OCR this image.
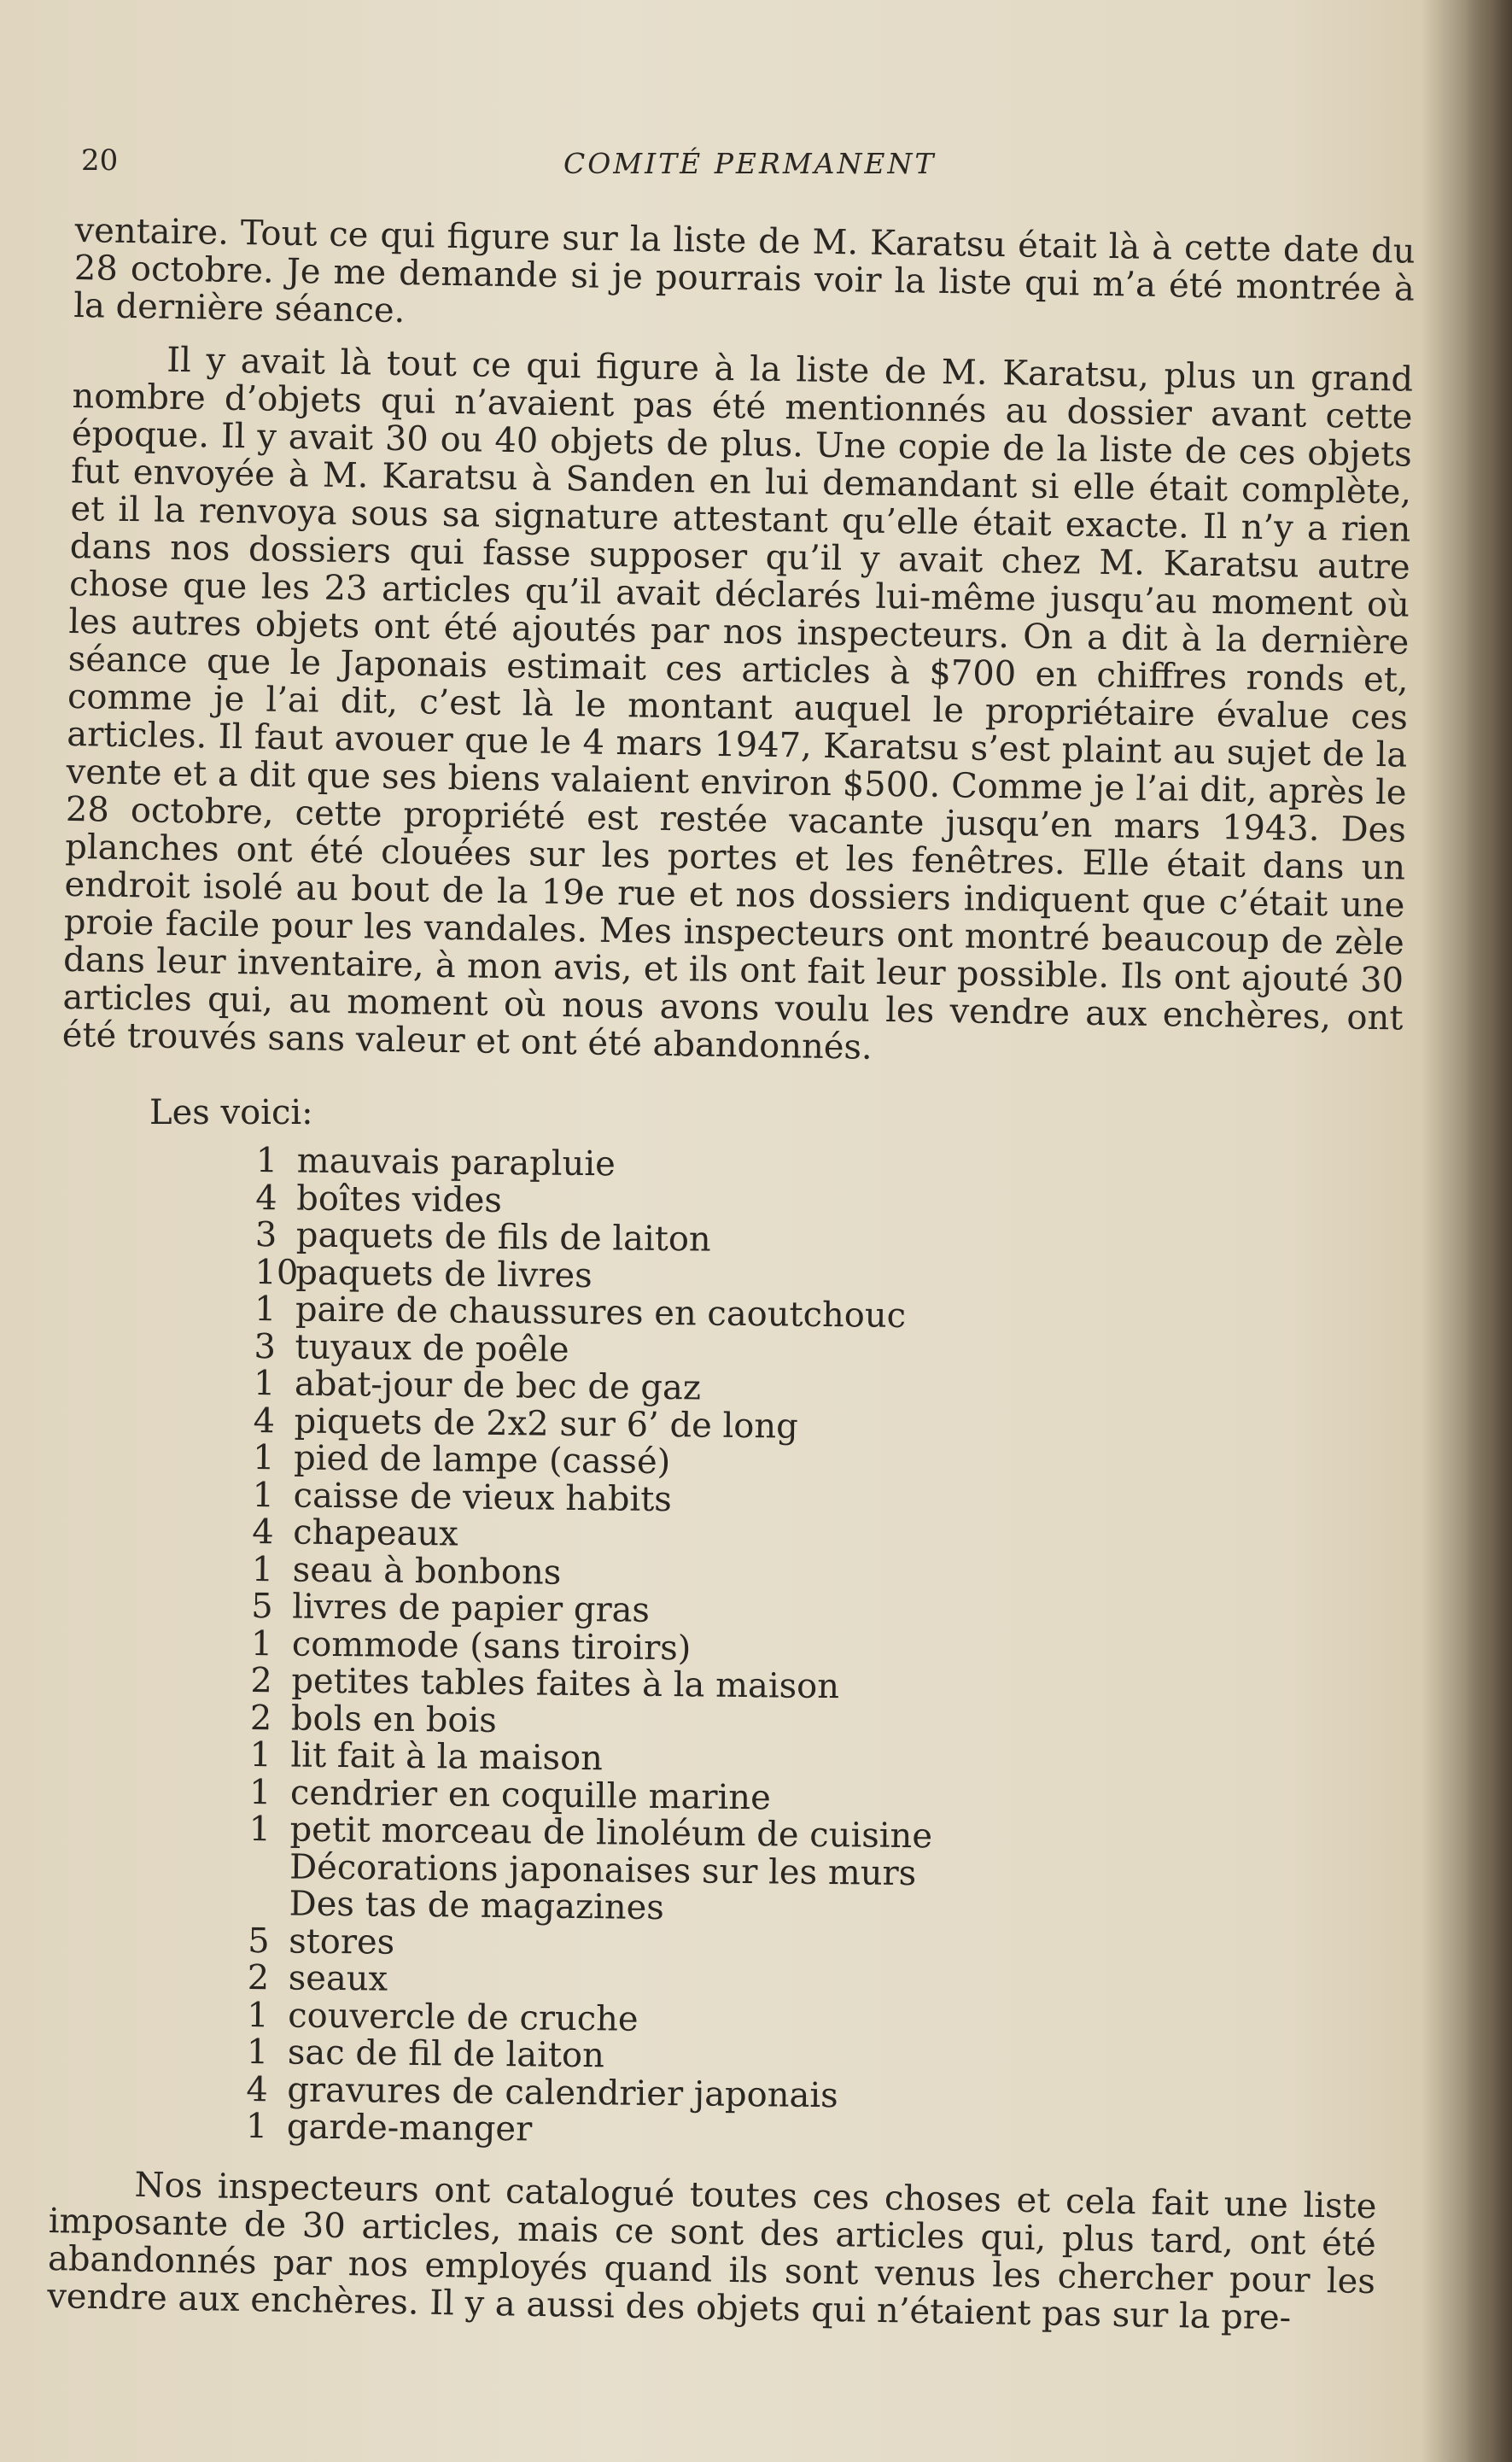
20	COMITÉ PERMANENT

ventaire. Tout ce qui figure sur la liste de M. Karatsu était là à cette date du 28 octobre. Je me demande si je pourrais voir la liste qui m’a été montrée à la dernière séance.

Il y avait là tout ce qui figure à la liste de M. Karatsu, plus un grand nombre d’objets qui n’avaient pas été mentionnés au dossier avant cette époque. Il y avait 30 ou 40 objets de plus. Une copie de la liste de ces objets fut envoyée à M. Karatsu à Sanden en lui demandant si elle était complète, et il la renvoya sous sa signature attestant qu’elle était exacte. Il n’y a rien dans nos dossiers qui fasse supposer qu’il y avait chez M. Karatsu autre chose que les 23 articles qu’il avait déclarés lui-même jusqu’au moment où les autres objets ont été ajoutés par nos inspecteurs. On a dit à la dernière séance que le Japonais estimait ces articles à $700 en chiffres ronds et, comme je l’ai dit, c’est là le montant auquel le propriétaire évalue ces articles. Il faut avouer que le 4 mars 1947, Karatsu s’est plaint au sujet de la vente et a dit que ses biens valaient environ $500. Comme je l’ai dit, après le 28 octobre, cette propriété est restée vacante jusqu’en mars 1943. Des planches ont été clouées sur les portes et les fenêtres. Elle était dans un endroit isolé au bout de la 19e rue et nos dossiers indiquent que c’était une proie facile pour les vandales. Mes inspecteurs ont montré beaucoup de zèle dans leur inventaire, à mon avis, et ils ont fait leur possible. Ils ont ajouté 30 articles qui, au moment où nous avons voulu les vendre aux enchères, ont été trouvés sans valeur et ont été abandonnés.

Les voici:
1 mauvais parapluie
4 boîtes vides
3 paquets de fils de laiton
10paquets de livres
1 paire de chaussures en caoutchouc
3 tuyaux de poêle
1 abat-jour de bec de gaz
4 piquets de 2x2 sur 6’ de long
1 pied de lampe (cassé)
1 caisse de vieux habits
4 chapeaux
1 seau à bonbons
5 livres de papier gras
1 commode (sans tiroirs)
2 petites tables faites à la maison
2 bols en bois
1 lit fait à la maison
1 cendrier en coquille marine
1 petit morceau de linoléum de cuisine
Décorations japonaises sur les murs
Des tas de magazines
5 stores
2 seaux
1 couvercle de cruche
1 sac de fil de laiton
4 gravures de calendrier japonais
1 garde-manger

Nos inspecteurs ont catalogué toutes ces choses et cela fait une liste imposante de 30 articles, mais ce sont des articles qui, plus tard, ont été abandonnés par nos employés quand ils sont venus les chercher pour les vendre aux enchères. Il y a aussi des objets qui n’étaient pas sur la pre-
